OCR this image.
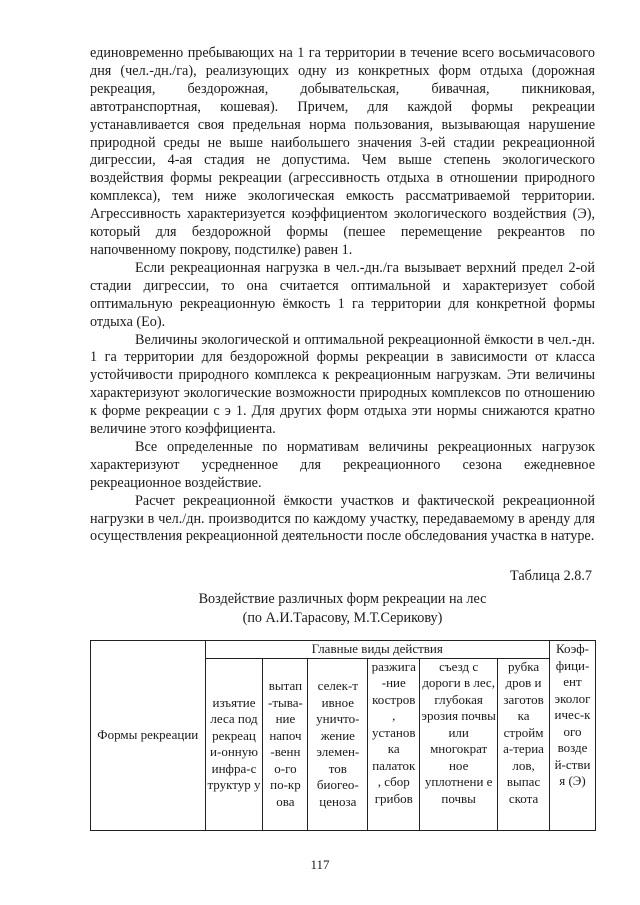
единовременно пребывающих на 1 га территории в течение всего восьмичасового дня (чел.-дн./га), реализующих одну из конкретных форм отдыха (дорожная рекреация, бездорожная, добывательская, бивачная, пикниковая, автотранспортная, кошевая). Причем, для каждой формы рекреации устанавливается своя предельная норма пользования, вызывающая нарушение природной среды не выше наибольшего значения 3-ей стадии рекреационной дигрессии, 4-ая стадия не допустима. Чем выше степень экологического воздействия формы рекреации (агрессивность отдыха в отношении природного комплекса), тем ниже экологическая емкость рассматриваемой территории. Агрессивность характеризуется коэффициентом экологического воздействия (Э), который для бездорожной формы (пешее перемещение рекреантов по напочвенному покрову, подстилке) равен 1.

Если рекреационная нагрузка в чел.-дн./га вызывает верхний предел 2-ой стадии дигрессии, то она считается оптимальной и характеризует собой оптимальную рекреационную ёмкость 1 га территории для конкретной формы отдыха (Ео).

Величины экологической и оптимальной рекреационной ёмкости в чел.-дн. 1 га территории для бездорожной формы рекреации в зависимости от класса устойчивости природного комплекса к рекреационным нагрузкам. Эти величины характеризуют экологические возможности природных комплексов по отношению к форме рекреации с э 1. Для других форм отдыха эти нормы снижаются кратно величине этого коэффициента.

Все определенные по нормативам величины рекреационных нагрузок характеризуют усредненное для рекреационного сезона ежедневное рекреационное воздействие.

Расчет рекреационной ёмкости участков и фактической рекреационной нагрузки в чел./дн. производится по каждому участку, передаваемому в аренду для осуществления рекреационной деятельности после обследования участка в натуре.

Таблица 2.8.7
Воздействие различных форм рекреации на лес
(по А.И.Тарасову, М.Т.Серикову)
Формы рекреации	Главные виды действия						Коэф-фици-ент эколог ичес-к ого возде й-стви я (Э)
	изъятие леса под рекреац и-онную инфра-с труктур у	вытап -тыва-ние напоч -венн о-го по-кр ова	селек-т ивное уничто-жение элемен-тов биогео-ценоза	разжига -ние костров , установ ка палаток , сбор грибов	съезд с дороги в лес, глубокая эрозия почвы или многократ ное уплотнени е почвы	рубка дров и заготов ка стройм а-териа лов, выпас скота	
117
